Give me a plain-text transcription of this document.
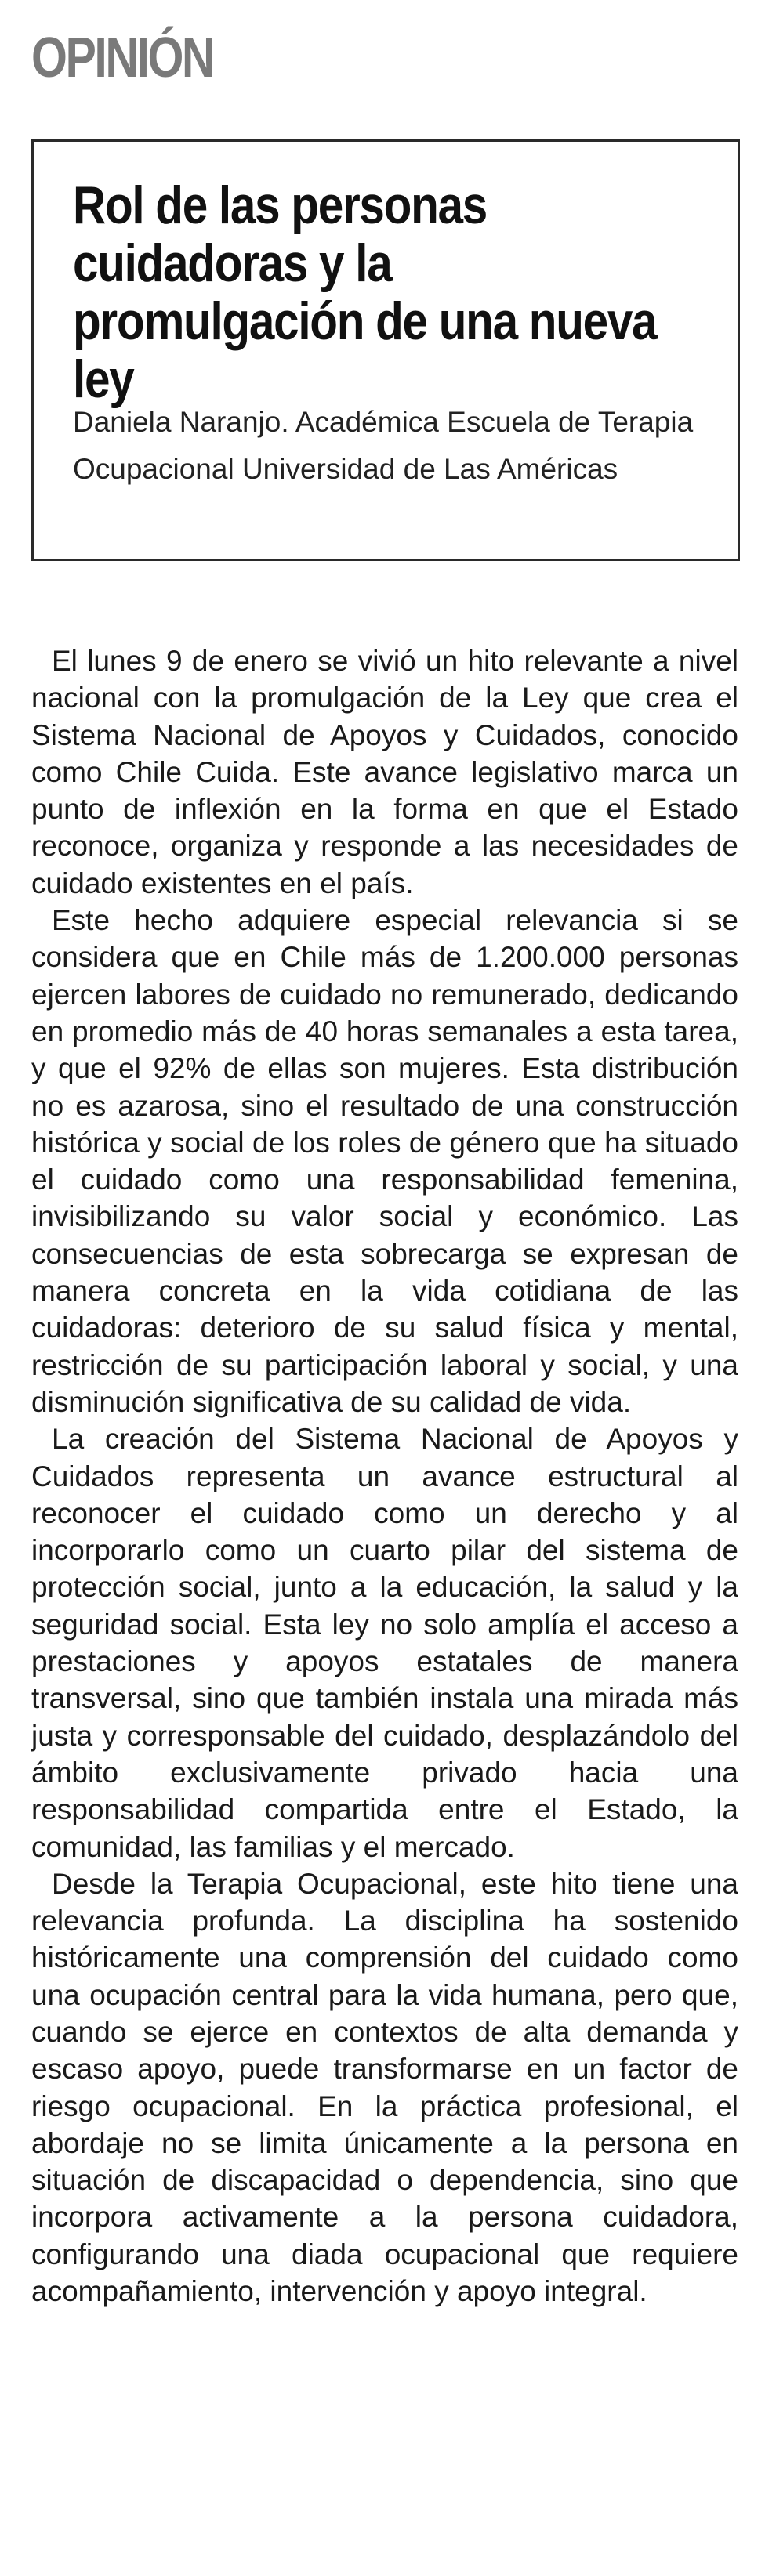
OPINIÓN
Rol de las personas cuidadoras y la promulgación de una nueva ley

Daniela Naranjo. Académica Escuela de Terapia Ocupacional Universidad de Las Américas

El lunes 9 de enero se vivió un hito relevante a nivel nacional con la promulgación de la Ley que crea el Sistema Nacional de Apoyos y Cuidados, conocido como Chile Cuida. Este avance legislativo marca un punto de inflexión en la forma en que el Estado reconoce, organiza y responde a las necesidades de cuidado existentes en el país.

Este hecho adquiere especial relevancia si se considera que en Chile más de 1.200.000 personas ejercen labores de cuidado no remunerado, dedicando en promedio más de 40 horas semanales a esta tarea, y que el 92% de ellas son mujeres. Esta distribución no es azarosa, sino el resultado de una construcción histórica y social de los roles de género que ha situado el cuidado como una responsabilidad femenina, invisibilizando su valor social y económico. Las consecuencias de esta sobrecarga se expresan de manera concreta en la vida cotidiana de las cuidadoras: deterioro de su salud física y mental, restricción de su participación laboral y social, y una disminución significativa de su calidad de vida.

La creación del Sistema Nacional de Apoyos y Cuidados representa un avance estructural al reconocer el cuidado como un derecho y al incorporarlo como un cuarto pilar del sistema de protección social, junto a la educación, la salud y la seguridad social. Esta ley no solo amplía el acceso a prestaciones y apoyos estatales de manera transversal, sino que también instala una mirada más justa y corresponsable del cuidado, desplazándolo del ámbito exclusivamente privado hacia una responsabilidad compartida entre el Estado, la comunidad, las familias y el mercado.

Desde la Terapia Ocupacional, este hito tiene una relevancia profunda. La disciplina ha sostenido históricamente una comprensión del cuidado como una ocupación central para la vida humana, pero que, cuando se ejerce en contextos de alta demanda y escaso apoyo, puede transformarse en un factor de riesgo ocupacional. En la práctica profesional, el abordaje no se limita únicamente a la persona en situación de discapacidad o dependencia, sino que incorpora activamente a la persona cuidadora, configurando una diada ocupacional que requiere acompañamiento, intervención y apoyo integral.
